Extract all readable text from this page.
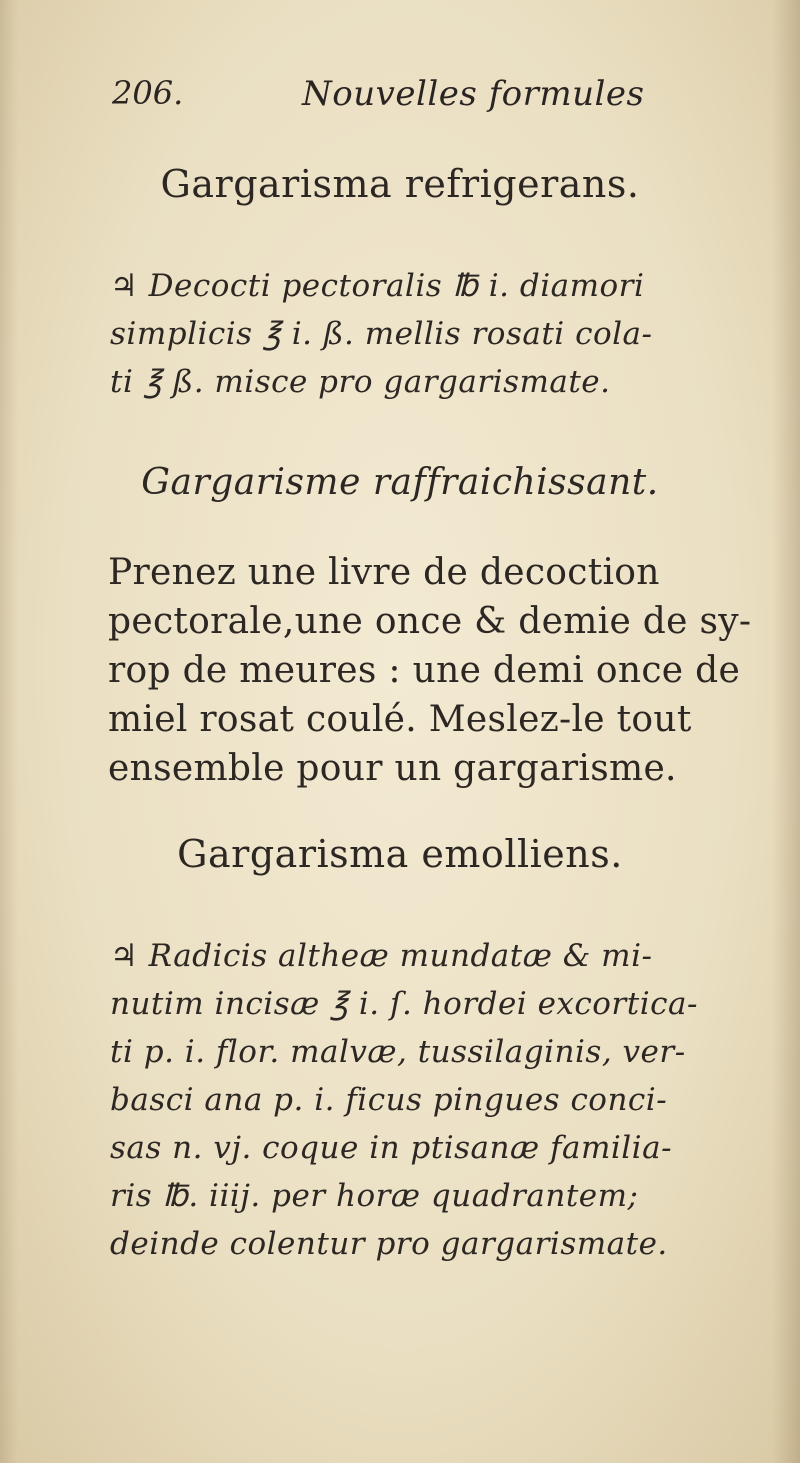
206.	Nouvelles formules
Gargarisma refrigerans.
♃ Decocti pectoralis ℔ i. diamori
simplicis ℥ i. ß. mellis rosati cola-
ti ℥ ß. misce pro gargarismate.
Gargarisme raffraichissant.
Prenez une livre de decoction
pectorale,une once & demie de sy-
rop de meures : une demi once de
miel rosat coulé. Meslez-le tout
ensemble pour un gargarisme.
Gargarisma emolliens.
♃ Radicis altheæ mundatæ & mi-
nutim incisæ ℥ i. ſ. hordei excortica-
ti p. i. flor. malvæ, tussilaginis, ver-
basci ana p. i. ficus pingues conci-
sas n. vj. coque in ptisanæ familia-
ris ℔. iiij. per horæ quadrantem;
deinde colentur pro gargarismate.
